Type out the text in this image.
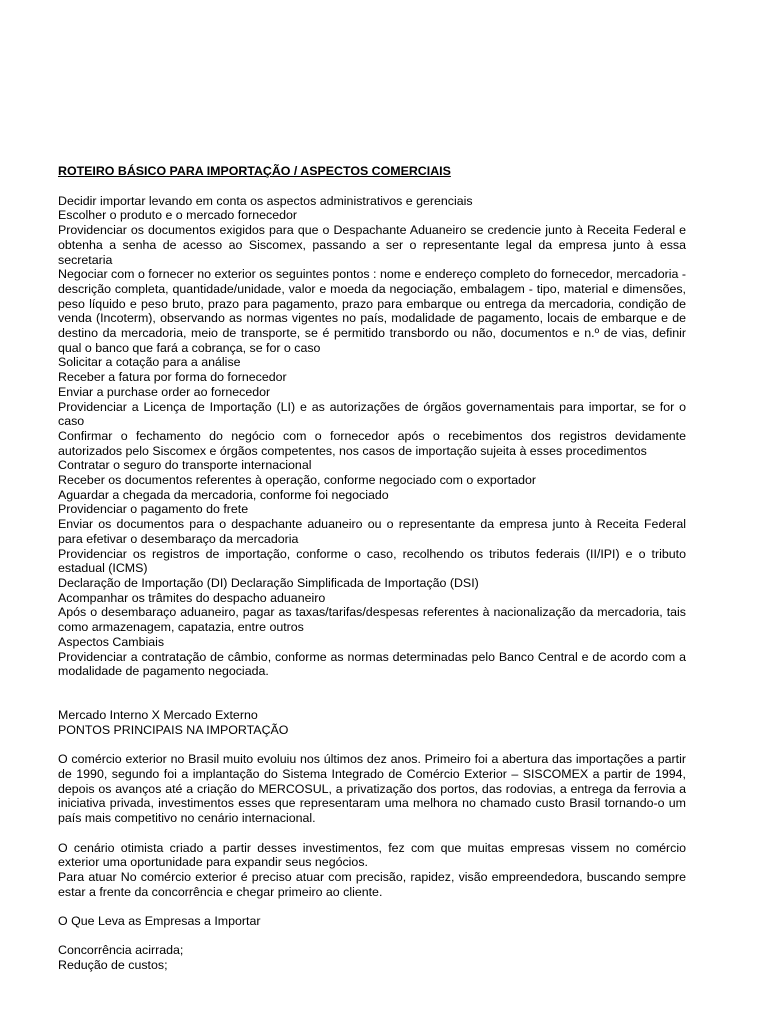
ROTEIRO BÁSICO PARA IMPORTAÇÃO / ASPECTOS COMERCIAIS

Decidir importar levando em conta os aspectos administrativos e gerenciais

Escolher o produto e o mercado fornecedor

Providenciar os documentos exigidos para que o Despachante Aduaneiro se credencie junto à Receita Federal e obtenha a senha de acesso ao Siscomex, passando a ser o representante legal da empresa junto à essa secretaria

Negociar com o fornecer no exterior os seguintes pontos : nome e endereço completo do fornecedor, mercadoria - descrição completa, quantidade/unidade, valor e moeda da negociação, embalagem - tipo, material e dimensões, peso líquido e peso bruto, prazo para pagamento, prazo para embarque ou entrega da mercadoria, condição de venda (Incoterm), observando as normas vigentes no país, modalidade de pagamento, locais de embarque e de destino da mercadoria, meio de transporte, se é permitido transbordo ou não, documentos e n.º de vias, definir qual o banco que fará a cobrança, se for o caso

Solicitar a cotação para a análise

Receber a fatura por forma do fornecedor

Enviar a purchase order ao fornecedor

Providenciar a Licença de Importação (LI) e as autorizações de órgãos governamentais para importar, se for o caso

Confirmar o fechamento do negócio com o fornecedor após o recebimentos dos registros devidamente autorizados pelo Siscomex e órgãos competentes, nos casos de importação sujeita à esses procedimentos

Contratar o seguro do transporte internacional

Receber os documentos referentes à operação, conforme negociado com o exportador

Aguardar a chegada da mercadoria, conforme foi negociado

Providenciar o pagamento do frete

Enviar os documentos para o despachante aduaneiro ou o representante da empresa junto à Receita Federal para efetivar o desembaraço da mercadoria

Providenciar os registros de importação, conforme o caso, recolhendo os tributos federais (II/IPI) e o tributo estadual (ICMS)

Declaração de Importação (DI) Declaração Simplificada de Importação (DSI)

Acompanhar os trâmites do despacho aduaneiro

Após o desembaraço aduaneiro, pagar as taxas/tarifas/despesas referentes à nacionalização da mercadoria, tais como armazenagem, capatazia, entre outros

Aspectos Cambiais

Providenciar a contratação de câmbio, conforme as normas determinadas pelo Banco Central e de acordo com a modalidade de pagamento negociada.

Mercado Interno X Mercado Externo

PONTOS PRINCIPAIS NA IMPORTAÇÃO

O comércio exterior no Brasil muito evoluiu nos últimos dez anos. Primeiro foi a abertura das importações a partir de 1990, segundo foi a implantação do Sistema Integrado de Comércio Exterior – SISCOMEX a partir de 1994, depois os avanços até a criação do MERCOSUL, a privatização dos portos, das rodovias, a entrega da ferrovia a iniciativa privada, investimentos esses que representaram uma melhora no chamado custo Brasil tornando-o um país mais competitivo no cenário internacional.

O cenário otimista criado a partir desses investimentos, fez com que muitas empresas vissem no comércio exterior uma oportunidade para expandir seus negócios.

Para atuar No comércio exterior é preciso atuar com precisão, rapidez, visão empreendedora, buscando sempre estar a frente da concorrência e chegar primeiro ao cliente.

O Que Leva as Empresas a Importar

Concorrência acirrada;

Redução de custos;
